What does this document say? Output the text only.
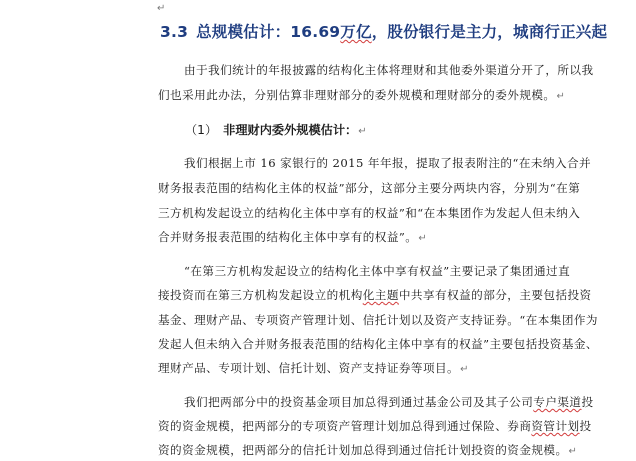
↵
3.3 总规模估计：16.69万亿，股份银行是主力，城商行正兴起
由于我们统计的年报披露的结构化主体将理财和其他委外渠道分开了，所以我
们也采用此办法，分别估算非理财部分的委外规模和理财部分的委外规模。↵
（1） 非理财内委外规模估计：↵
我们根据上市 16 家银行的 2015 年年报，提取了报表附注的“在未纳入合并
财务报表范围的结构化主体的权益”部分，这部分主要分两块内容，分别为“在第
三方机构发起设立的结构化主体中享有的权益”和“在本集团作为发起人但未纳入
合并财务报表范围的结构化主体中享有的权益”。↵
“在第三方机构发起设立的结构化主体中享有权益”主要记录了集团通过直
接投资而在第三方机构发起设立的机构化主题中共享有权益的部分，主要包括投资
基金、理财产品、专项资产管理计划、信托计划以及资产支持证券。“在本集团作为
发起人但未纳入合并财务报表范围的结构化主体中享有的权益”主要包括投资基金、
理财产品、专项计划、信托计划、资产支持证券等项目。↵
我们把两部分中的投资基金项目加总得到通过基金公司及其子公司专户渠道投
资的资金规模，把两部分的专项资产管理计划加总得到通过保险、券商资管计划投
资的资金规模，把两部分的信托计划加总得到通过信托计划投资的资金规模。↵
